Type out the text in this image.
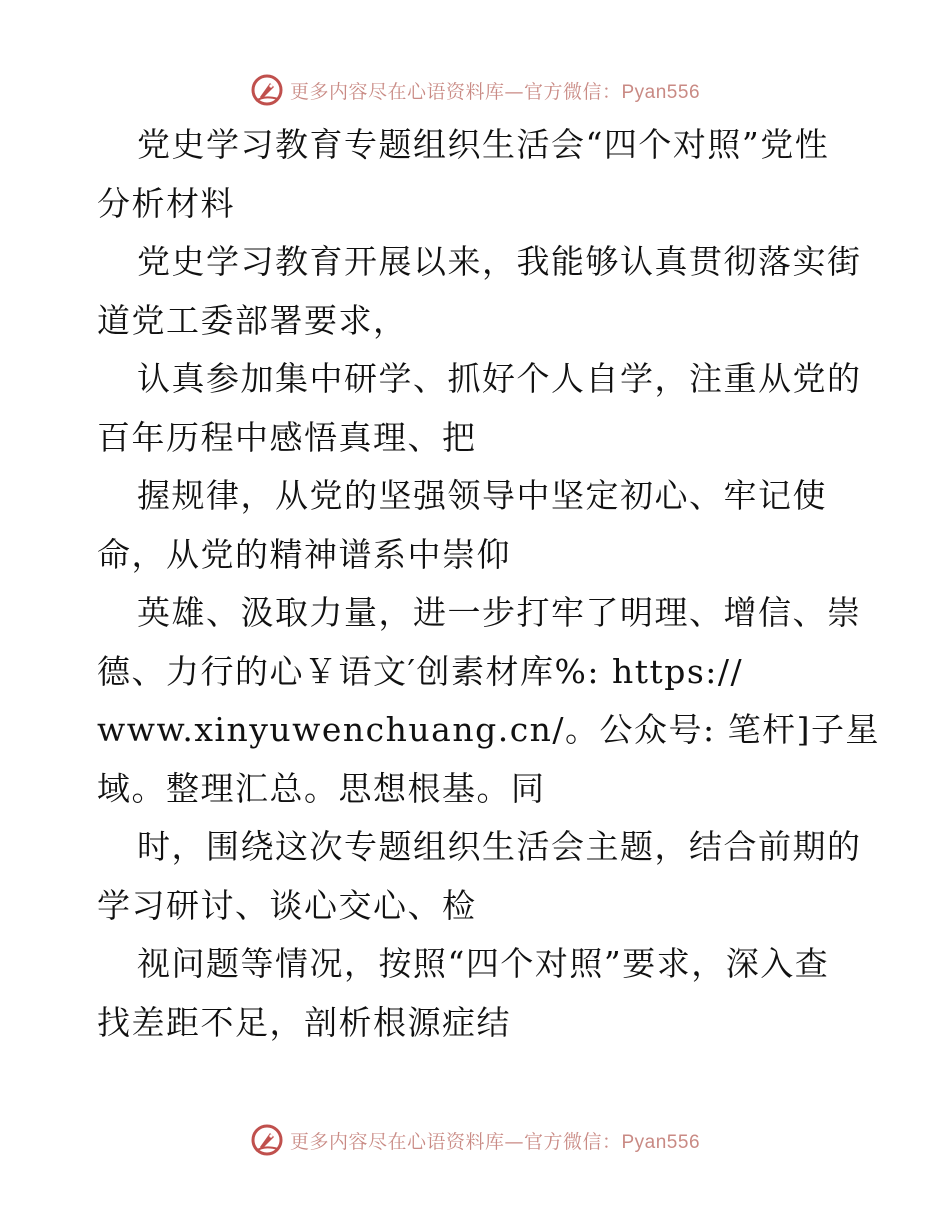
更多内容尽在心语资料库—官方微信：Pyan556
党史学习教育专题组织生活会“四个对照”党性
分析材料
党史学习教育开展以来，我能够认真贯彻落实街
道党工委部署要求，
认真参加集中研学、抓好个人自学，注重从党的
百年历程中感悟真理、把
握规律，从党的坚强领导中坚定初心、牢记使
命，从党的精神谱系中崇仰
英雄、汲取力量，进一步打牢了明理、增信、崇
德、力行的心￥语文′创素材库%: https://
www.xinyuwenchuang.cn/。公众号: 笔杆]子星
域。整理汇总。思想根基。同
时，围绕这次专题组织生活会主题，结合前期的
学习研讨、谈心交心、检
视问题等情况，按照“四个对照”要求，深入查
找差距不足，剖析根源症结
更多内容尽在心语资料库—官方微信：Pyan556
